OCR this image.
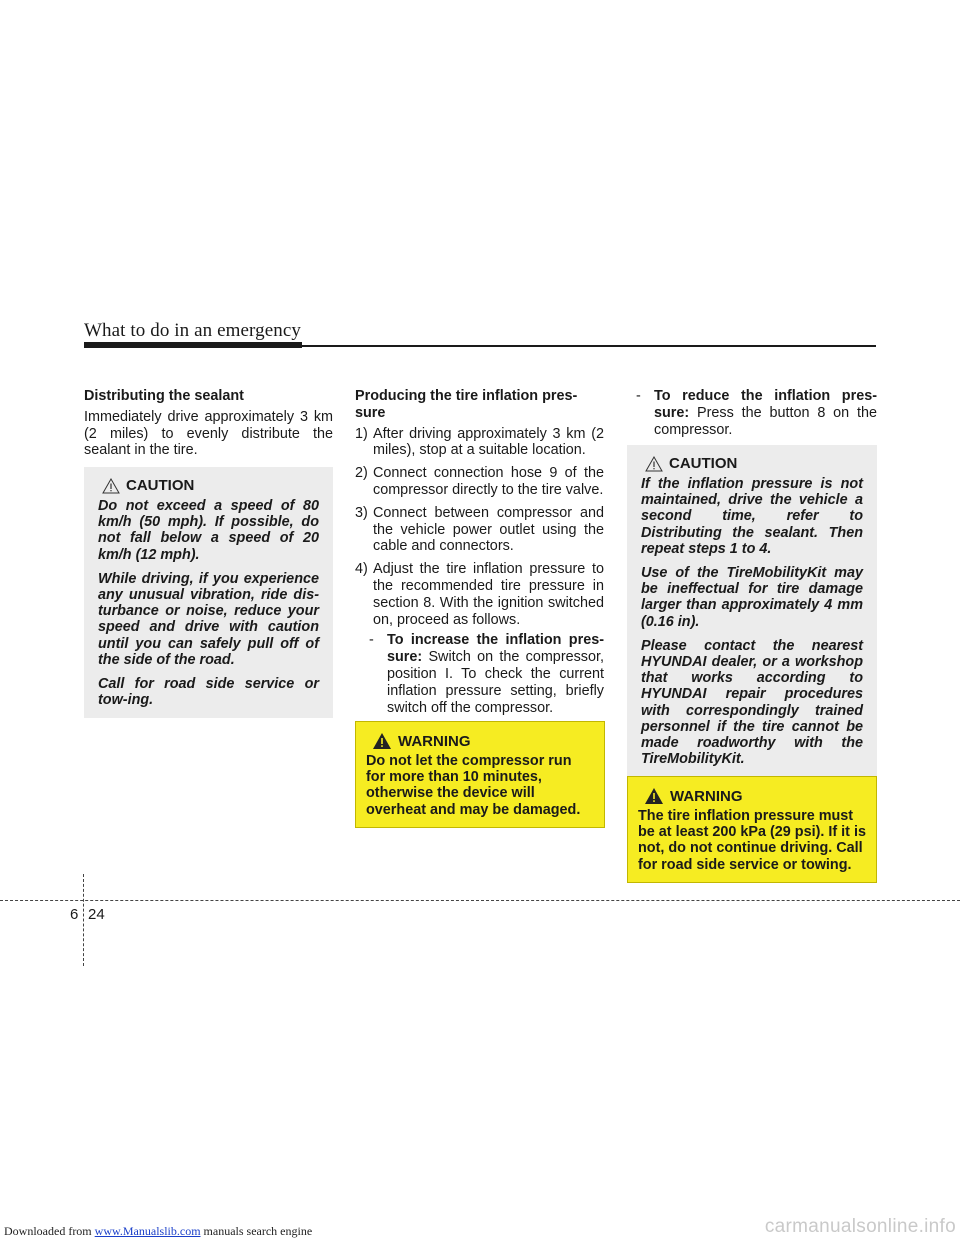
What to do in an emergency

Distributing the sealant

Immediately drive approximately 3 km (2 miles) to evenly distribute the sealant in the tire.

CAUTION

Do not exceed a speed of 80 km/h (50 mph). If possible, do not fall below a speed of 20 km/h (12 mph).

While driving, if you experience any unusual vibration, ride dis-turbance or noise, reduce your speed and drive with caution until you can safely pull off of the side of the road.

Call for road side service or tow-ing.

Producing the tire inflation pres-sure

1) After driving approximately 3 km (2 miles), stop at a suitable location.
2) Connect connection hose 9 of the compressor directly to the tire valve.
3) Connect between compressor and the vehicle power outlet using the cable and connectors.
4) Adjust the tire inflation pressure to the recommended tire pressure in section 8. With the ignition switched on, proceed as follows.
- To increase the inflation pres-sure: Switch on the compressor, position I. To check the current inflation pressure setting, briefly switch off the compressor.
WARNING
Do not let the compressor run for more than 10 minutes, otherwise the device will overheat and may be damaged.
- To reduce the inflation pres-sure: Press the button 8 on the compressor.
CAUTION

If the inflation pressure is not maintained, drive the vehicle a second time, refer to Distributing the sealant. Then repeat steps 1 to 4.

Use of the TireMobilityKit may be ineffectual for tire damage larger than approximately 4 mm (0.16 in).

Please contact the nearest HYUNDAI dealer, or a workshop that works according to HYUNDAI repair procedures with correspondingly trained personnel if the tire cannot be made roadworthy with the TireMobilityKit.

WARNING
The tire inflation pressure must be at least 200 kPa (29 psi). If it is not, do not continue driving. Call for road side service or towing.
6 24
Downloaded from www.Manualslib.com manuals search engine	carmanualsonline.info
